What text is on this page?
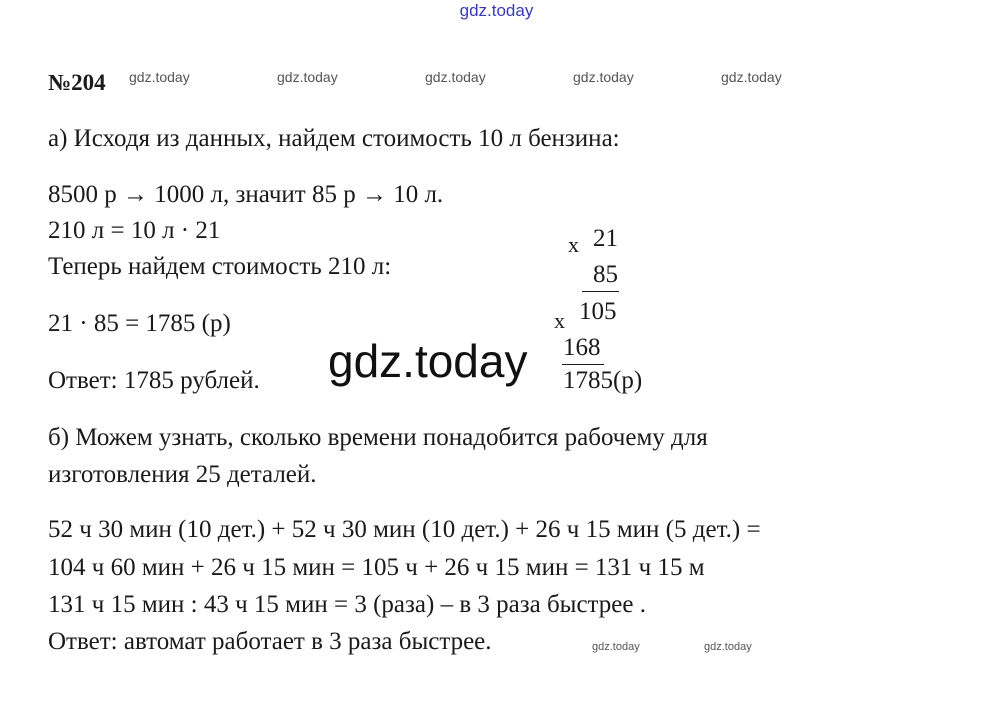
gdz.today
№204	gdz.today	gdz.today	gdz.today	gdz.today
gdz.today
а) Исходя из данных, найдем стоимость 10 л бензина:
8500 р → 1000 л, значит 85 р → 10 л.
210 л = 10 л · 21
Теперь найдем стоимость 210 л:
21 · 85 = 1785 (р)
Ответ: 1785 рублей.
x 21
85
x 105
168
1785(р)
gdz.today
б) Можем узнать, сколько времени понадобится рабочему для
изготовления 25 деталей.
52 ч 30 мин (10 дет.) + 52 ч 30 мин (10 дет.) + 26 ч 15 мин (5 дет.) =
104 ч 60 мин + 26 ч 15 мин = 105 ч + 26 ч 15 мин = 131 ч 15 м
131 ч 15 мин : 43 ч 15 мин = 3 (раза) – в 3 раза быстрее .
Ответ: автомат работает в 3 раза быстрее.	gdz.today	gdz.today
